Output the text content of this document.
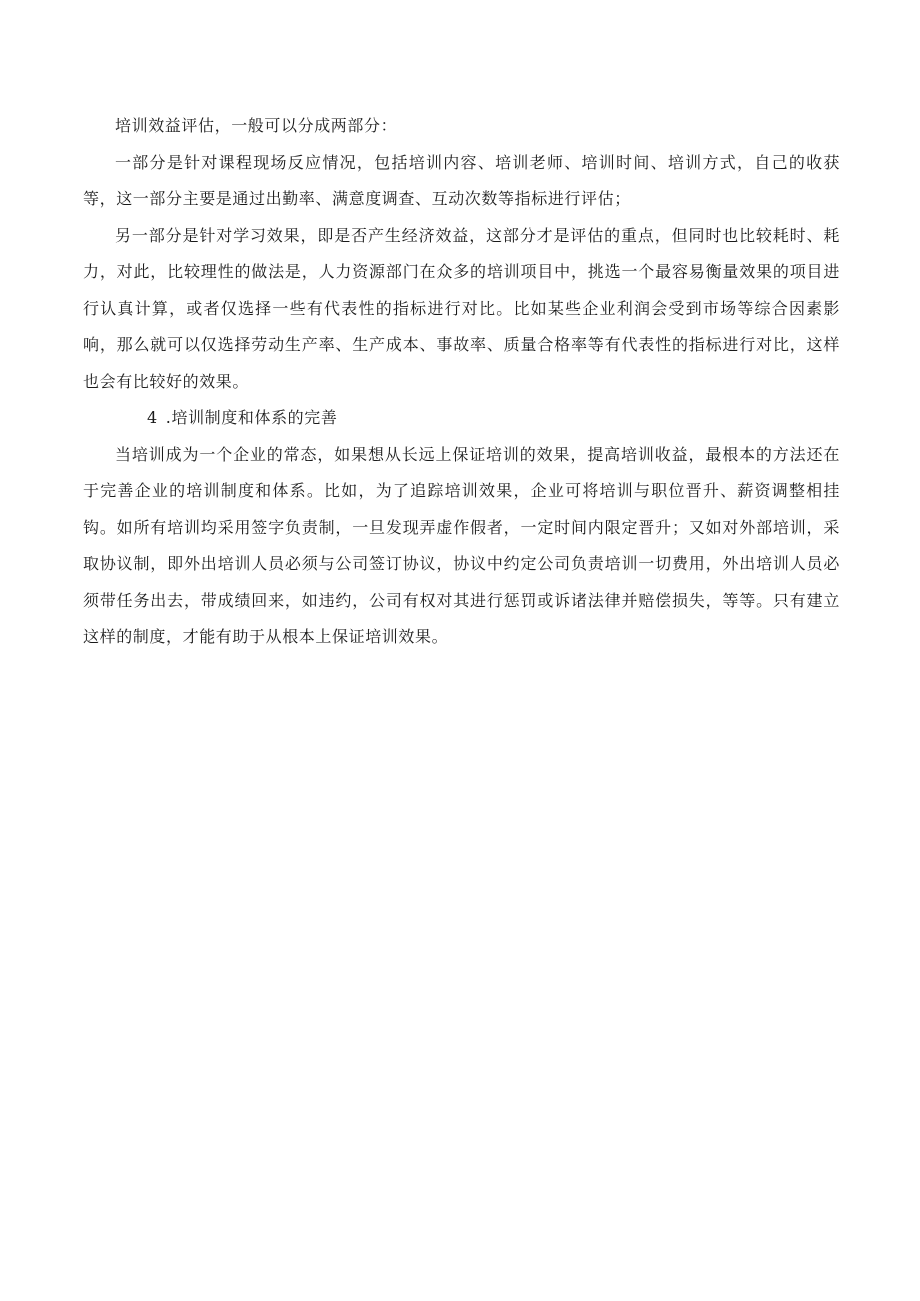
培训效益评估，一般可以分成两部分：

一部分是针对课程现场反应情况，包括培训内容、培训老师、培训时间、培训方式，自己的收获等，这一部分主要是通过出勤率、满意度调查、互动次数等指标进行评估；

另一部分是针对学习效果，即是否产生经济效益，这部分才是评估的重点，但同时也比较耗时、耗力，对此，比较理性的做法是，人力资源部门在众多的培训项目中，挑选一个最容易衡量效果的项目进行认真计算，或者仅选择一些有代表性的指标进行对比。比如某些企业利润会受到市场等综合因素影响，那么就可以仅选择劳动生产率、生产成本、事故率、质量合格率等有代表性的指标进行对比，这样也会有比较好的效果。

4 .培训制度和体系的完善

当培训成为一个企业的常态，如果想从长远上保证培训的效果，提高培训收益，最根本的方法还在于完善企业的培训制度和体系。比如，为了追踪培训效果，企业可将培训与职位晋升、薪资调整相挂钩。如所有培训均采用签字负责制，一旦发现弄虚作假者，一定时间内限定晋升；又如对外部培训，采取协议制，即外出培训人员必须与公司签订协议，协议中约定公司负责培训一切费用，外出培训人员必须带任务出去，带成绩回来，如违约，公司有权对其进行惩罚或诉诸法律并赔偿损失，等等。只有建立这样的制度，才能有助于从根本上保证培训效果。
